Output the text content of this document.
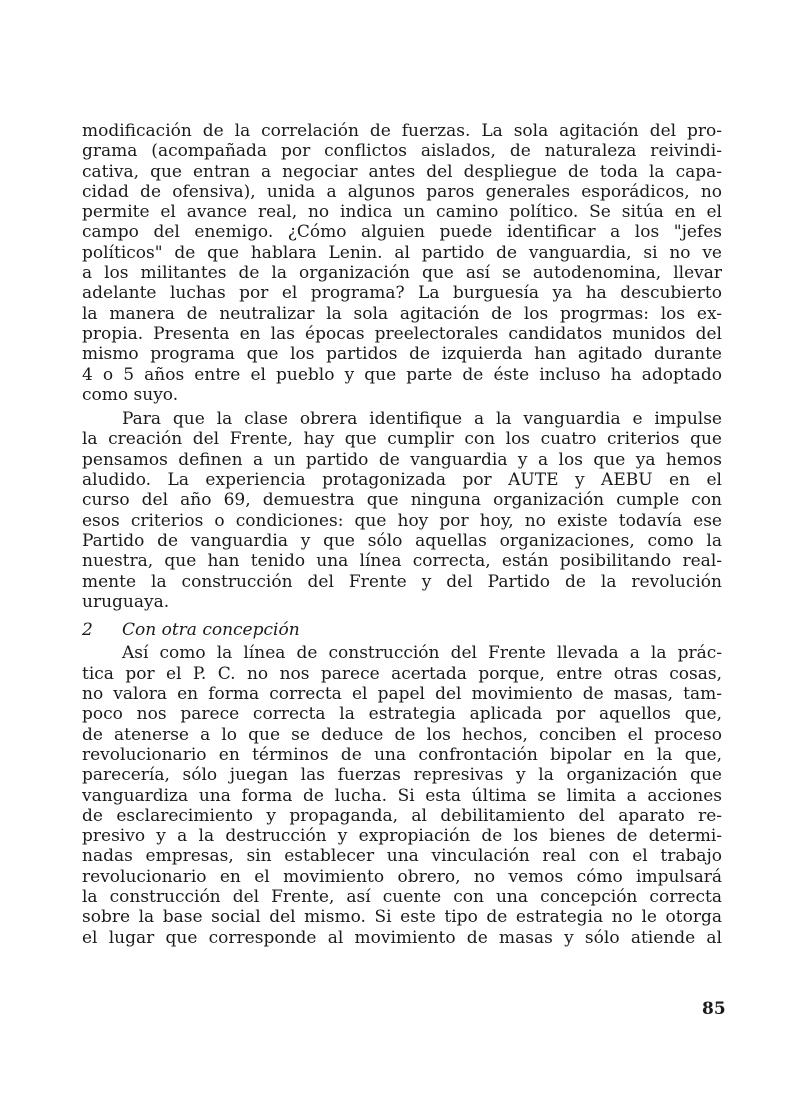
modificación de la correlación de fuerzas. La sola agitación del pro-
grama (acompañada por conflictos aislados, de naturaleza reivindi-
cativa, que entran a negociar antes del despliegue de toda la capa-
cidad de ofensiva), unida a algunos paros generales esporádicos, no
permite el avance real, no indica un camino político. Se sitúa en el
campo del enemigo. ¿Cómo alguien puede identificar a los "jefes
políticos" de que hablara Lenin. al partido de vanguardia, si no ve
a los militantes de la organización que así se autodenomina, llevar
adelante luchas por el programa? La burguesía ya ha descubierto
la manera de neutralizar la sola agitación de los progrmas: los ex-
propia. Presenta en las épocas preelectorales candidatos munidos del
mismo programa que los partidos de izquierda han agitado durante
4 o 5 años entre el pueblo y que parte de éste incluso ha adoptado
como suyo.
Para que la clase obrera identifique a la vanguardia e impulse
la creación del Frente, hay que cumplir con los cuatro criterios que
pensamos definen a un partido de vanguardia y a los que ya hemos
aludido. La experiencia protagonizada por AUTE y AEBU en el
curso del año 69, demuestra que ninguna organización cumple con
esos criterios o condiciones: que hoy por hoy, no existe todavía ese
Partido de vanguardia y que sólo aquellas organizaciones, como la
nuestra, que han tenido una línea correcta, están posibilitando real-
mente la construcción del Frente y del Partido de la revolución
uruguaya.
2 Con otra concepción
Así como la línea de construcción del Frente llevada a la prác-
tica por el P. C. no nos parece acertada porque, entre otras cosas,
no valora en forma correcta el papel del movimiento de masas, tam-
poco nos parece correcta la estrategia aplicada por aquellos que,
de atenerse a lo que se deduce de los hechos, conciben el proceso
revolucionario en términos de una confrontación bipolar en la que,
parecería, sólo juegan las fuerzas represivas y la organización que
vanguardiza una forma de lucha. Si esta última se limita a acciones
de esclarecimiento y propaganda, al debilitamiento del aparato re-
presivo y a la destrucción y expropiación de los bienes de determi-
nadas empresas, sin establecer una vinculación real con el trabajo
revolucionario en el movimiento obrero, no vemos cómo impulsará
la construcción del Frente, así cuente con una concepción correcta
sobre la base social del mismo. Si este tipo de estrategia no le otorga
el lugar que corresponde al movimiento de masas y sólo atiende al
85
